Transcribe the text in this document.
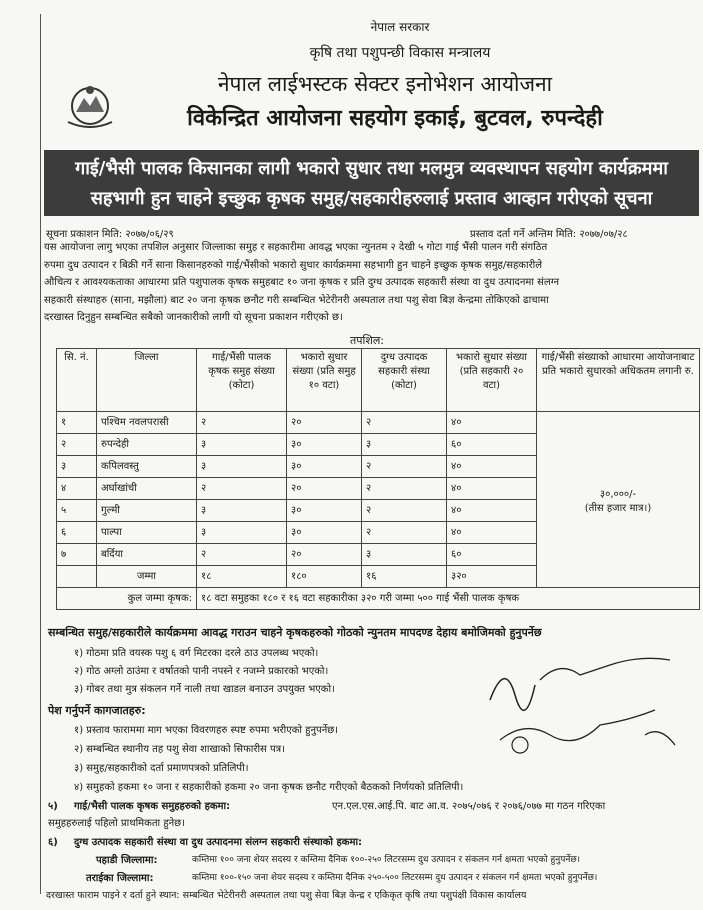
नेपाल सरकार
कृषि तथा पशुपन्छी विकास मन्त्रालय
नेपाल लाईभस्टक सेक्टर इनोभेशन आयोजना
विकेन्द्रित आयोजना सहयोग इकाई, बुटवल, रुपन्देही
गाई/भैसी पालक किसानका लागी भकारो सुधार तथा मलमुत्र व्यवस्थापन सहयोग कार्यक्रममा
सहभागी हुन चाहने इच्छुक कृषक समुह/सहकारीहरुलाई प्रस्ताव आव्हान गरीएको सूचना
सूचना प्रकाशन मिति: २०७७/०६/२९	प्रस्ताव दर्ता गर्ने अन्तिम मिति: २०७७/०७/२८
यस आयोजना लागु भएका तपशिल अनुसार जिल्लाका समुह र सहकारीमा आवद्ध भएका न्युनतम २ देखी ५ गोटा गाई भैंसी पालन गरी संगठित
रुपमा दुध उत्पादन र बिक्री गर्ने साना किसानहरुको गाई/भैंसीको भकारो सुधार कार्यक्रममा सहभागी हुन चाहने इच्छुक कृषक समुह/सहकारीले
औचित्य र आवश्यकताका आधारमा प्रति पशुपालक कृषक समुहबाट १० जना कृषक र प्रति दुग्ध उत्पादक सहकारी संस्था वा दुध उत्पादनमा संलग्न
सहकारी संस्थाहरु (साना, मझौला) बाट २० जना कृषक छनौट गरी सम्बन्धित भेटेरीनरी अस्पताल तथा पशु सेवा बिज्ञ केन्द्रमा तोकिएको ढाचामा
दरखास्त दिनुहुन सम्बन्धित सबैको जानकारीको लागी यो सूचना प्रकाशन गरीएको छ।
तपशिल:
सि. नं.	जिल्ला	गाई/भैंसी पालक कृषक समुह संख्या (कोटा)	भकारो सुधार संख्या (प्रति समुह १० वटा)	दुग्ध उत्पादक सहकारी संस्था (कोटा)	भकारो सुधार संख्या (प्रति सहकारी २० वटा)	गाई/भैंसी संख्याको आधारमा आयोजनाबाट प्रति भकारो सुधारको अधिकतम लगानी रु.
१	पश्चिम नवलपरासी	२	२०	२	४०	३०,०००/-
(तीस हजार मात्र।)

२	रुपन्देही	३	३०	३	६०	
३	कपिलवस्तु	३	३०	२	४०	
४	अर्घाखांची	२	२०	२	४०	
५	गुल्मी	३	३०	२	४०	
६	पाल्पा	३	३०	२	४०	
७	बर्दिया	२	२०	३	६०	
	जम्मा	१८	१८०	१६	३२०	
कुल जम्मा कृषक:		१८ वटा समुहका १८० र १६ वटा सहकारीका ३२० गरी जम्मा ५०० गाई भैंसी पालक कृषक				
सम्बन्धित समुह/सहकारीले कार्यक्रममा आवद्ध गराउन चाहने कृषकहरुको गोठको न्युनतम मापदण्ड देहाय बमोजिमको हुनुपर्नेछ
१) गोठमा प्रति वयस्क पशु ६ वर्ग मिटरका दरले ठाउ उपलब्ध भएको।
२) गोठ अग्लो ठाउंमा र वर्षातको पानी नपस्ने र नजम्ने प्रकारको भएको।
३) गोबर तथा मुत्र संकलन गर्ने नाली तथा खाडल बनाउन उपयुक्त भएको।
पेश गर्नुपर्ने कागजातहरु:
१) प्रस्ताव फाराममा माग भएका विवरणहरु स्पष्ट रुपमा भरीएको हुनुपर्नेछ।
२) सम्बन्धित स्थानीय तह पशु सेवा शाखाको सिफारीस पत्र।
३) समुह/सहकारीको दर्ता प्रमाणपत्रको प्रतिलिपी।
४) समुहको हकमा १० जना र सहकारीको हकमा २० जना कृषक छनौट गरीएको बैठकको निर्णयको प्रतिलिपी।
५) गाई/भैसी पालक कृषक समुहहरुको हकमा:	एन.एल.एस.आई.पि. बाट आ.व. २०७५/०७६ र २०७६/०७७ मा गठन गरिएका
समुहहरुलाई पहिलो प्राथमिकता हुनेछ।
६) दुग्ध उत्पादक सहकारी संस्था वा दुध उत्पादनमा संलग्न सहकारी संस्थाको हकमा:
पहाडी जिल्लामा:	कम्तिमा १०० जना शेयर सदस्य र कम्तिमा दैनिक १००-२५० लिटरसम्म दुध उत्पादन र संकलन गर्न क्षमता भएको हुनुपर्नेछ।
तराईका जिल्लामा:	कम्तिमा १००-१५० जना शेयर सदस्य र कम्तिमा दैनिक २५०-५०० लिटरसम्म दुध उत्पादन र संकलन गर्न क्षमता भएको हुनुपर्नेछ।
दरखास्त फाराम पाइने र दर्ता हुने स्थान: सम्बन्धित भेटेरीनरी अस्पताल तथा पशु सेवा बिज्ञ केन्द्र र एकिकृत कृषि तथा पशुपंक्षी विकास कार्यालय
